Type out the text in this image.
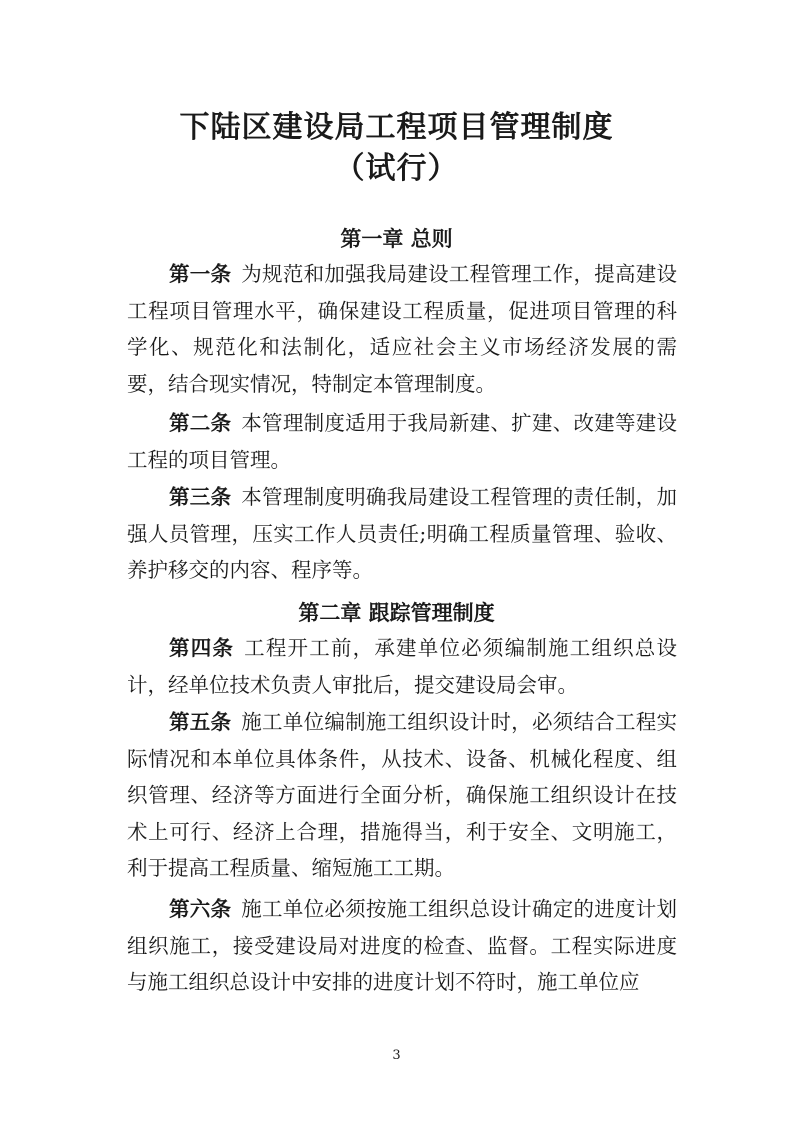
下陆区建设局工程项目管理制度
（试行）
第一章 总则

第一条 为规范和加强我局建设工程管理工作，提高建设工程项目管理水平，确保建设工程质量，促进项目管理的科学化、规范化和法制化，适应社会主义市场经济发展的需要，结合现实情况，特制定本管理制度。

第二条 本管理制度适用于我局新建、扩建、改建等建设工程的项目管理。

第三条 本管理制度明确我局建设工程管理的责任制，加强人员管理，压实工作人员责任;明确工程质量管理、验收、养护移交的内容、程序等。

第二章 跟踪管理制度

第四条 工程开工前，承建单位必须编制施工组织总设计，经单位技术负责人审批后，提交建设局会审。

第五条 施工单位编制施工组织设计时，必须结合工程实际情况和本单位具体条件，从技术、设备、机械化程度、组织管理、经济等方面进行全面分析，确保施工组织设计在技术上可行、经济上合理，措施得当，利于安全、文明施工，利于提高工程质量、缩短施工工期。

第六条 施工单位必须按施工组织总设计确定的进度计划组织施工，接受建设局对进度的检查、监督。工程实际进度与施工组织总设计中安排的进度计划不符时，施工单位应

3
